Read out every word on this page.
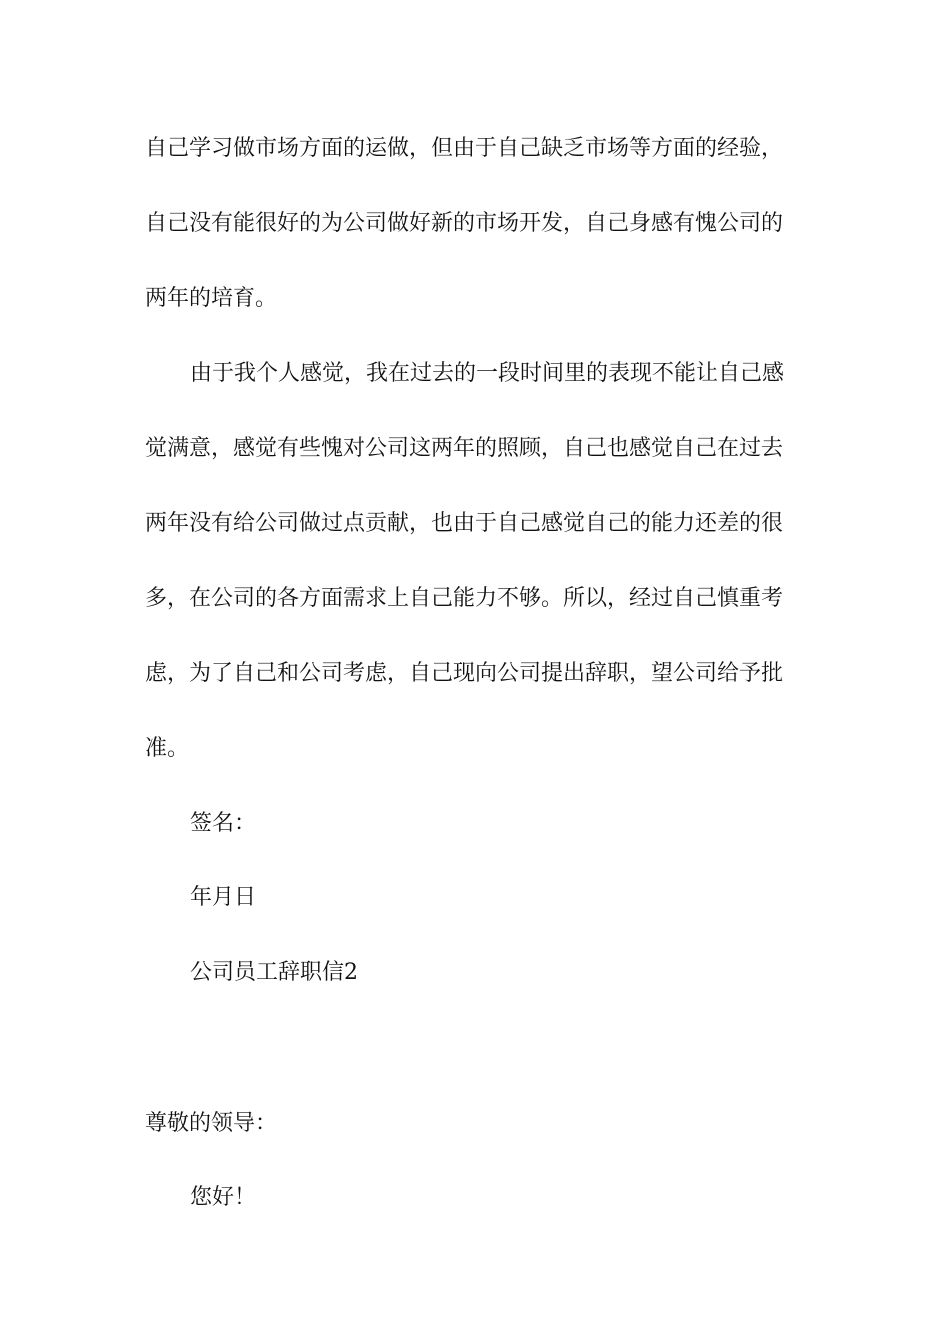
自己学习做市场方面的运做，但由于自己缺乏市场等方面的经验，
自己没有能很好的为公司做好新的市场开发，自己身感有愧公司的
两年的培育。
由于我个人感觉，我在过去的一段时间里的表现不能让自己感
觉满意，感觉有些愧对公司这两年的照顾，自己也感觉自己在过去
两年没有给公司做过点贡献，也由于自己感觉自己的能力还差的很
多，在公司的各方面需求上自己能力不够。所以，经过自己慎重考
虑，为了自己和公司考虑，自己现向公司提出辞职，望公司给予批
准。
签名：
年月日
公司员工辞职信2
尊敬的领导：
您好！
